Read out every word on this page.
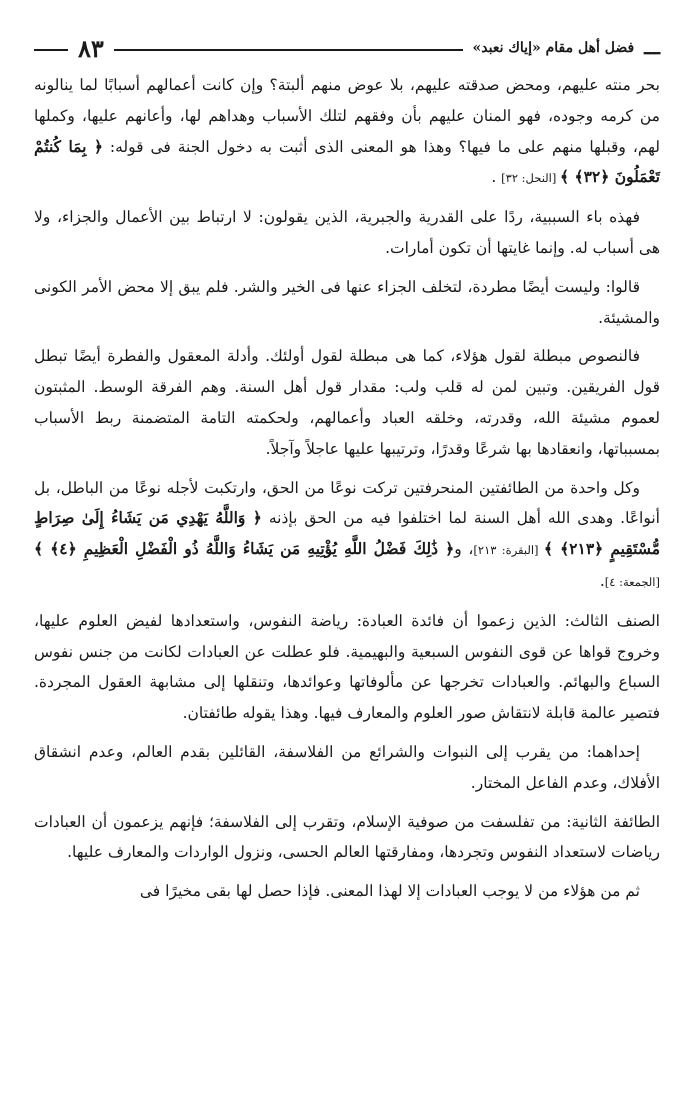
ـــ
فضل أهل مقام «إياك نعبد»
٨٣

بحر منته عليهم، ومحض صدقته عليهم، بلا عوض منهم ألبتة؟ وإن كانت أعمالهم أسبابًا لما ينالونه من كرمه وجوده، فهو المنان عليهم بأن وفقهم لتلك الأسباب وهداهم لها، وأعانهم عليها، وكملها لهم، وقبلها منهم على ما فيها؟ وهذا هو المعنى الذى أثبت به دخول الجنة فى قوله: ﴿ بِمَا كُنتُمْ تَعْمَلُونَ ﴿٣٢﴾ ﴾ [النحل: ٣٢] .

فهذه باء السببية، ردًا على القدرية والجبرية، الذين يقولون: لا ارتباط بين الأعمال والجزاء، ولا هى أسباب له. وإنما غايتها أن تكون أمارات.

قالوا: وليست أيضًا مطردة، لتخلف الجزاء عنها فى الخير والشر. فلم يبق إلا محض الأمر الكونى والمشيئة.

فالنصوص مبطلة لقول هؤلاء، كما هى مبطلة لقول أولئك. وأدلة المعقول والفطرة أيضًا تبطل قول الفريقين. وتبين لمن له قلب ولب: مقدار قول أهل السنة. وهم الفرقة الوسط. المثبتون لعموم مشيئة الله، وقدرته، وخلقه العباد وأعمالهم، ولحكمته التامة المتضمنة ربط الأسباب بمسبباتها، وانعقادها بها شرعًا وقدرًا، وترتيبها عليها عاجلاً وآجلاً.

وكل واحدة من الطائفتين المنحرفتين تركت نوعًا من الحق، وارتكبت لأجله نوعًا من الباطل، بل أنواعًا. وهدى الله أهل السنة لما اختلفوا فيه من الحق بإذنه ﴿ وَاللَّهُ يَهْدِي مَن يَشَاءُ إِلَىٰ صِرَاطٍ مُّسْتَقِيمٍ ﴿٢١٣﴾ ﴾ [البقرة: ٢١٣]، و﴿ ذَٰلِكَ فَضْلُ اللَّهِ يُؤْتِيهِ مَن يَشَاءُ وَاللَّهُ ذُو الْفَضْلِ الْعَظِيمِ ﴿٤﴾ ﴾ [الجمعة: ٤].

الصنف الثالث: الذين زعموا أن فائدة العبادة: رياضة النفوس، واستعدادها لفيض العلوم عليها، وخروج قواها عن قوى النفوس السبعية والبهيمية. فلو عطلت عن العبادات لكانت من جنس نفوس السباع والبهائم. والعبادات تخرجها عن مألوفاتها وعوائدها، وتنقلها إلى مشابهة العقول المجردة. فتصير عالمة قابلة لانتقاش صور العلوم والمعارف فيها. وهذا يقوله طائفتان.

إحداهما: من يقرب إلى النبوات والشرائع من الفلاسفة، القائلين بقدم العالم، وعدم انشقاق الأفلاك، وعدم الفاعل المختار.

الطائفة الثانية: من تفلسفت من صوفية الإسلام، وتقرب إلى الفلاسفة؛ فإنهم يزعمون أن العبادات رياضات لاستعداد النفوس وتجردها، ومفارقتها العالم الحسى، ونزول الواردات والمعارف عليها.

ثم من هؤلاء من لا يوجب العبادات إلا لهذا المعنى. فإذا حصل لها بقى مخيرًا فى
